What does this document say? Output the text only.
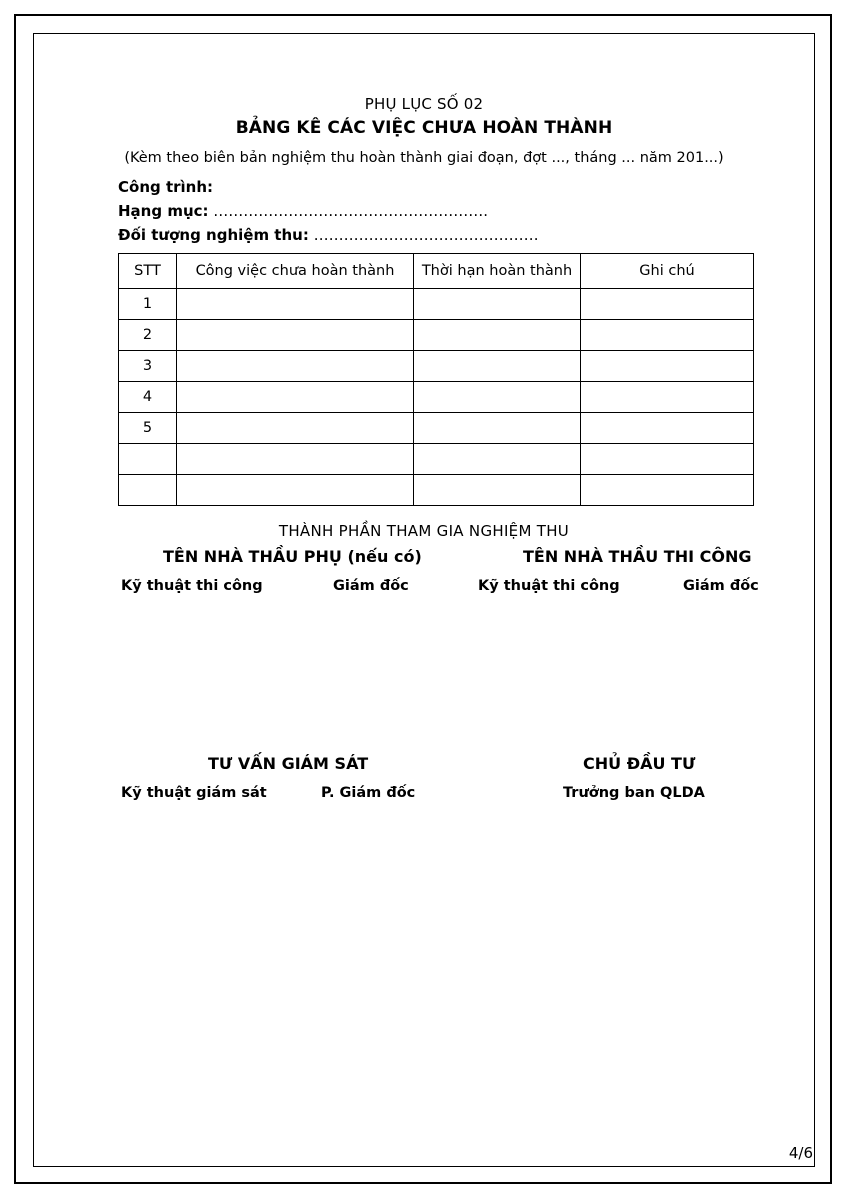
PHỤ LỤC SỐ 02
BẢNG KÊ CÁC VIỆC CHƯA HOÀN THÀNH
(Kèm theo biên bản nghiệm thu hoàn thành giai đoạn, đợt ..., tháng ... năm 201...)
Công trình:
Hạng mục: ……………………………………………….
Đối tượng nghiệm thu: ………………………………………
STT	Công việc chưa hoàn thành	Thời hạn hoàn thành	Ghi chú
1			
2			
3			
4			
5			

THÀNH PHẦN THAM GIA NGHIỆM THU
TÊN NHÀ THẦU PHỤ (nếu có)	TÊN NHÀ THẦU THI CÔNG
Kỹ thuật thi công	Giám đốc	Kỹ thuật thi công	Giám đốc
TƯ VẤN GIÁM SÁT	CHỦ ĐẦU TƯ
Kỹ thuật giám sát	P. Giám đốc	Trưởng ban QLDA
4/6
